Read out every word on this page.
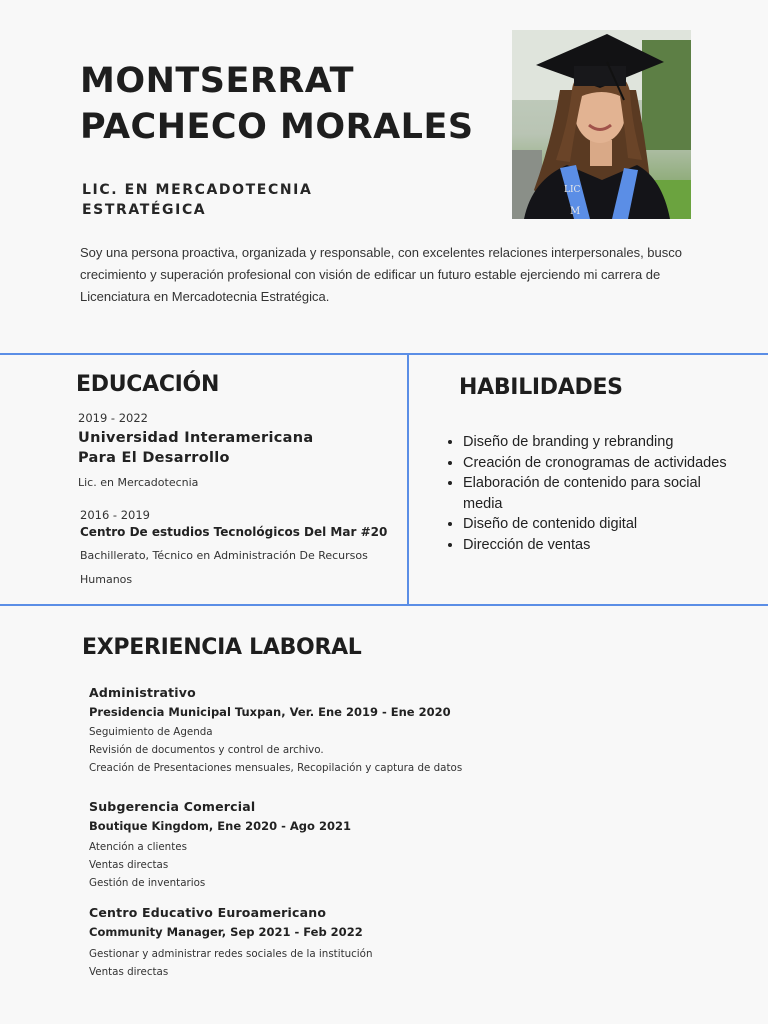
MONTSERRAT
PACHECO MORALES
LIC. EN MERCADOTECNIA
ESTRATÉGICA
LIC
M
Soy una persona proactiva, organizada y responsable, con excelentes relaciones interpersonales, busco crecimiento y superación profesional con visión de edificar un futuro estable ejerciendo mi carrera de Licenciatura en Mercadotecnia Estratégica.
EDUCACIÓN
2019 - 2022
Universidad Interamericana
Para El Desarrollo
Lic. en Mercadotecnia
2016 - 2019
Centro De estudios Tecnológicos Del Mar #20
Bachillerato, Técnico en Administración De Recursos
Humanos
HABILIDADES
• Diseño de branding y rebranding
• Creación de cronogramas de actividades
• Elaboración de contenido para social media
• Diseño de contenido digital
• Dirección de ventas
EXPERIENCIA LABORAL
Administrativo
Presidencia Municipal Tuxpan, Ver. Ene 2019 - Ene 2020
Seguimiento de Agenda
Revisión de documentos y control de archivo.
Creación de Presentaciones mensuales, Recopilación y captura de datos
Subgerencia Comercial
Boutique Kingdom, Ene 2020 - Ago 2021
Atención a clientes
Ventas directas
Gestión de inventarios
Centro Educativo Euroamericano
Community Manager, Sep 2021 - Feb 2022
Gestionar y administrar redes sociales de la institución
Ventas directas
